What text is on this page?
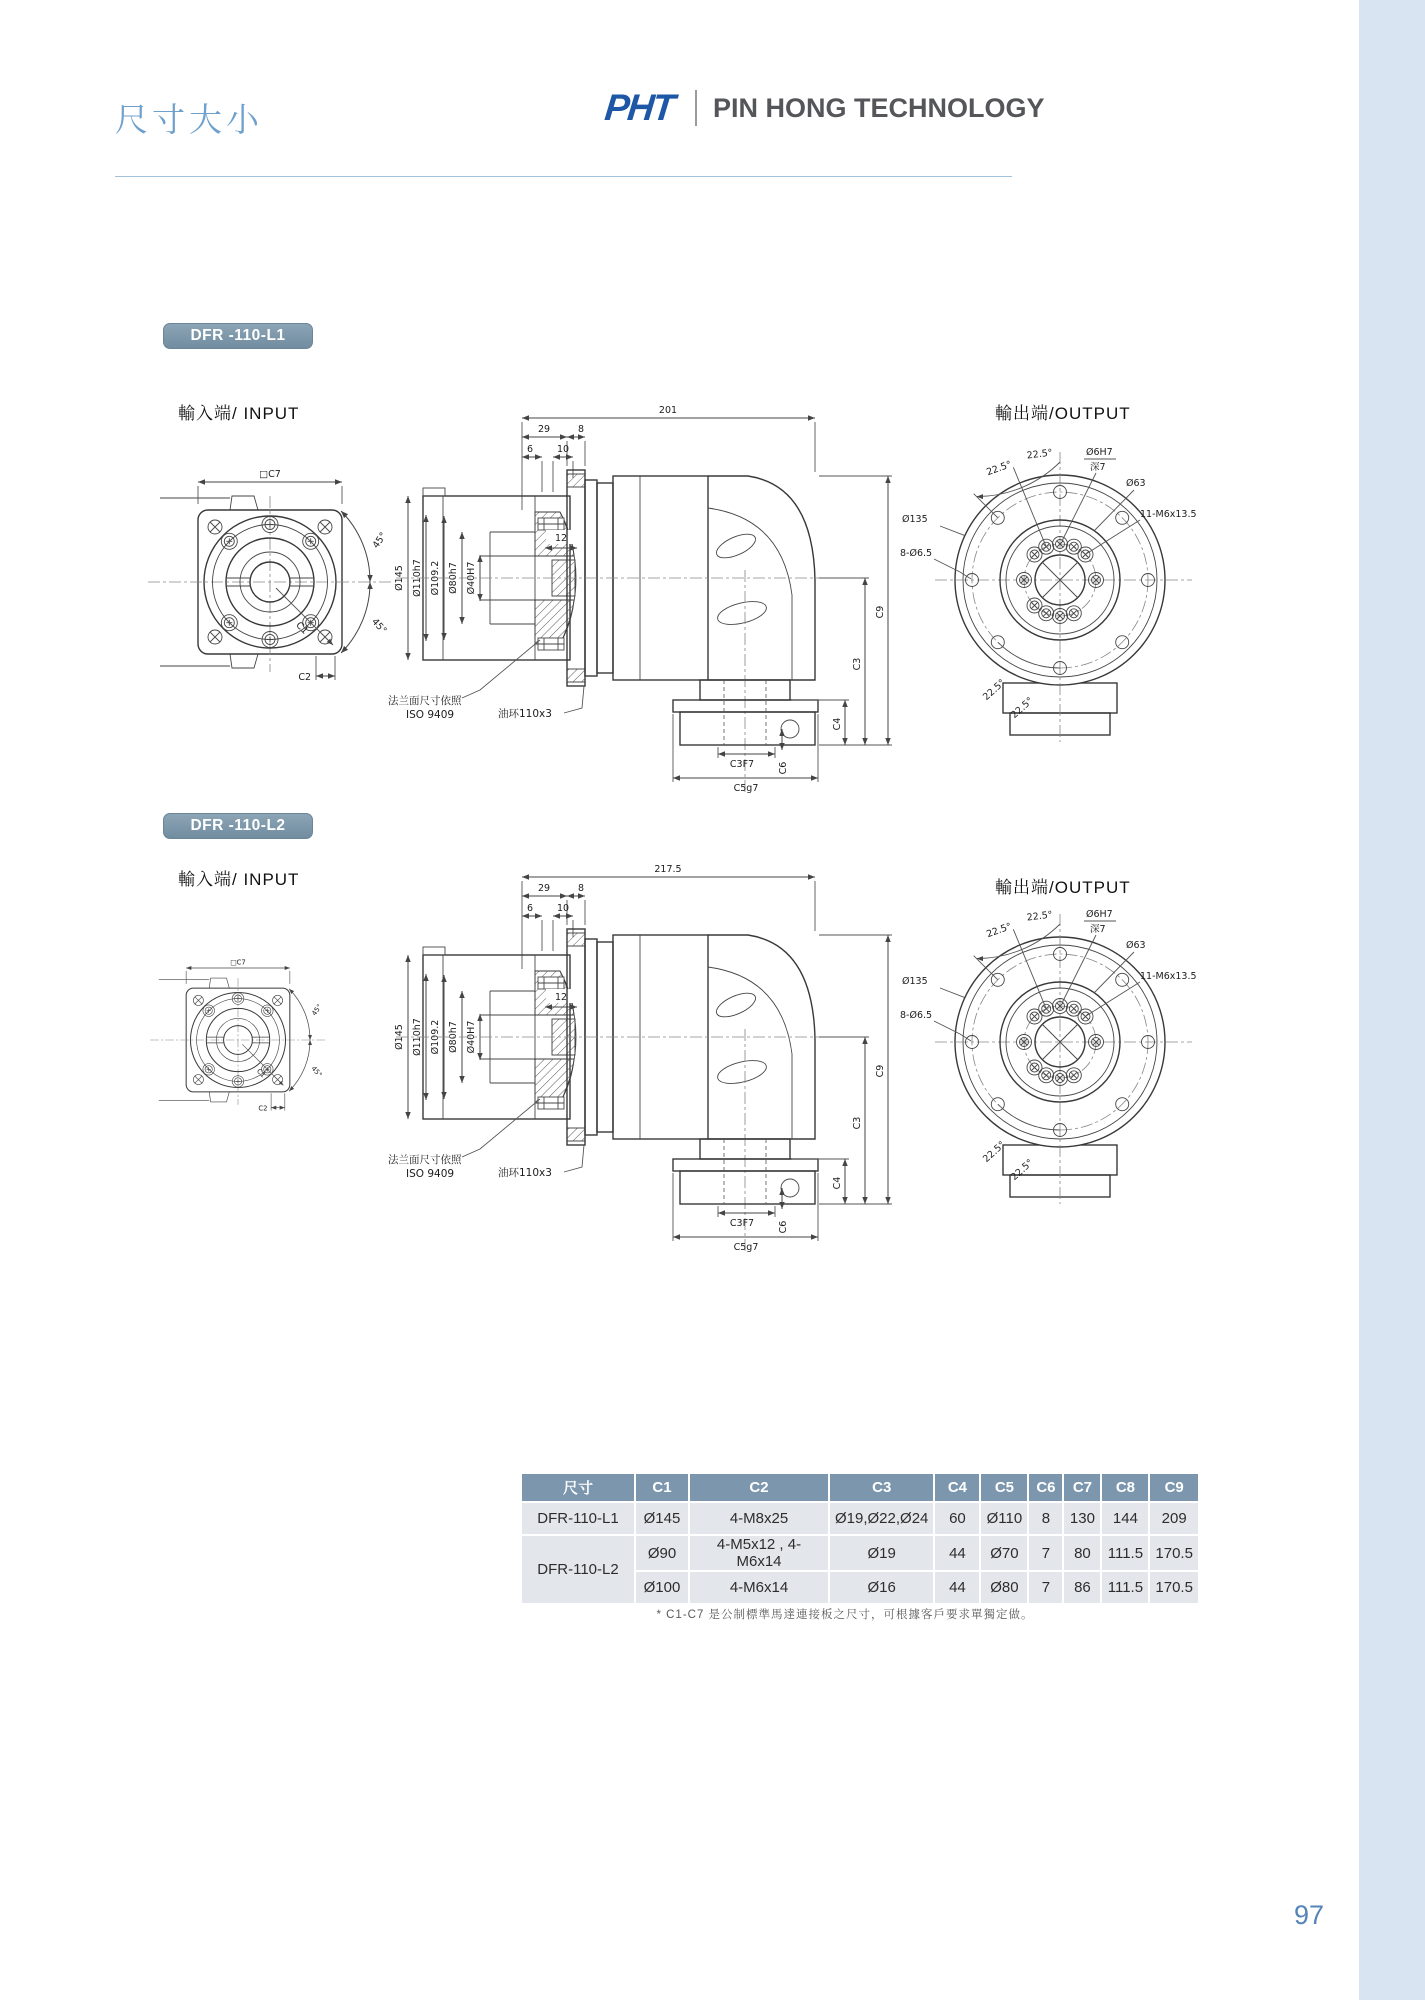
尺寸大小	PHT PIN HONG TECHNOLOGY
DFR -110-L1
輸入端/ INPUT	輸出端/OUTPUT
□C7
45°
45°
C1
C2
201
29	8
6	10
Ø145 Ø110h7 Ø109.2 Ø80h7 Ø40H7
12
C9
C3
C4
C6
C3F7
C5g7
法兰面尺寸依照
ISO 9409	油环110x3
22.5°
22.5°	Ø6H7
深7
Ø63
11-M6x13.5
Ø135
8-Ø6.5
22.5°
22.5°
DFR -110-L2
輸入端/ INPUT	輸出端/OUTPUT
□C7
45°
45°
C1
C2
217.5
29	8
6	10
Ø145 Ø110h7 Ø109.2 Ø80h7 Ø40H7
12
C9
C3
C4
C6
C3F7
C5g7
法兰面尺寸依照
ISO 9409	油环110x3
22.5°
22.5°	Ø6H7
深7
Ø63
11-M6x13.5
Ø135
8-Ø6.5
22.5°
22.5°
尺寸	C1	C2	C3	C4	C5	C6	C7	C8	C9
DFR-110-L1	Ø145	4-M8x25	Ø19,Ø22,Ø24	60	Ø110	8	130	144	209
DFR-110-L2	Ø90	4-M5x12 , 4-M6x14	Ø19	44	Ø70	7	80	111.5	170.5
	Ø100	4-M6x14	Ø16	44	Ø80	7	86	111.5	170.5
* C1-C7 是公制標準馬達連接板之尺寸，可根據客戶要求單獨定做。
97
